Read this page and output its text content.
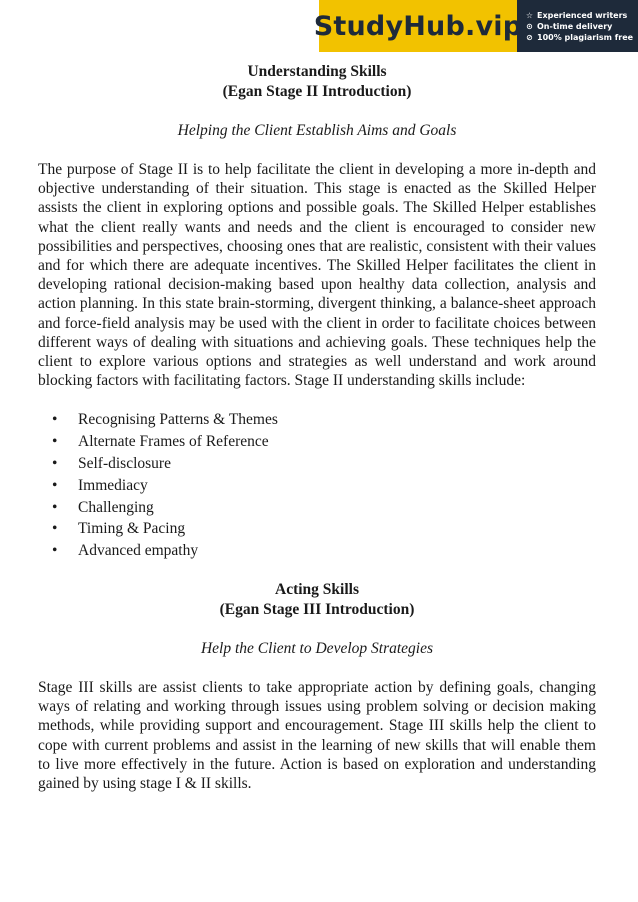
StudyHub.vip ☆ Experienced writers
⊙ On-time delivery
⊘ 100% plagiarism free

Understanding Skills

(Egan Stage II Introduction)

Helping the Client Establish Aims and Goals

The purpose of Stage II is to help facilitate the client in developing a more in-depth and objective understanding of their situation. This stage is enacted as the Skilled Helper assists the client in exploring options and possible goals. The Skilled Helper establishes what the client really wants and needs and the client is encouraged to consider new possibilities and perspectives, choosing ones that are realistic, consistent with their values and for which there are adequate incentives. The Skilled Helper facilitates the client in developing rational decision-making based upon healthy data collection, analysis and action planning. In this state brain-storming, divergent thinking, a balance-sheet approach and force-field analysis may be used with the client in order to facilitate choices between different ways of dealing with situations and achieving goals. These techniques help the client to explore various options and strategies as well understand and work around blocking factors with facilitating factors. Stage II understanding skills include:

• Recognising Patterns & Themes
• Alternate Frames of Reference
• Self-disclosure
• Immediacy
• Challenging
• Timing & Pacing
• Advanced empathy

Acting Skills

(Egan Stage III Introduction)

Help the Client to Develop Strategies

Stage III skills are assist clients to take appropriate action by defining goals, changing ways of relating and working through issues using problem solving or decision making methods, while providing support and encouragement. Stage III skills help the client to cope with current problems and assist in the learning of new skills that will enable them to live more effectively in the future. Action is based on exploration and understanding gained by using stage I & II skills.
